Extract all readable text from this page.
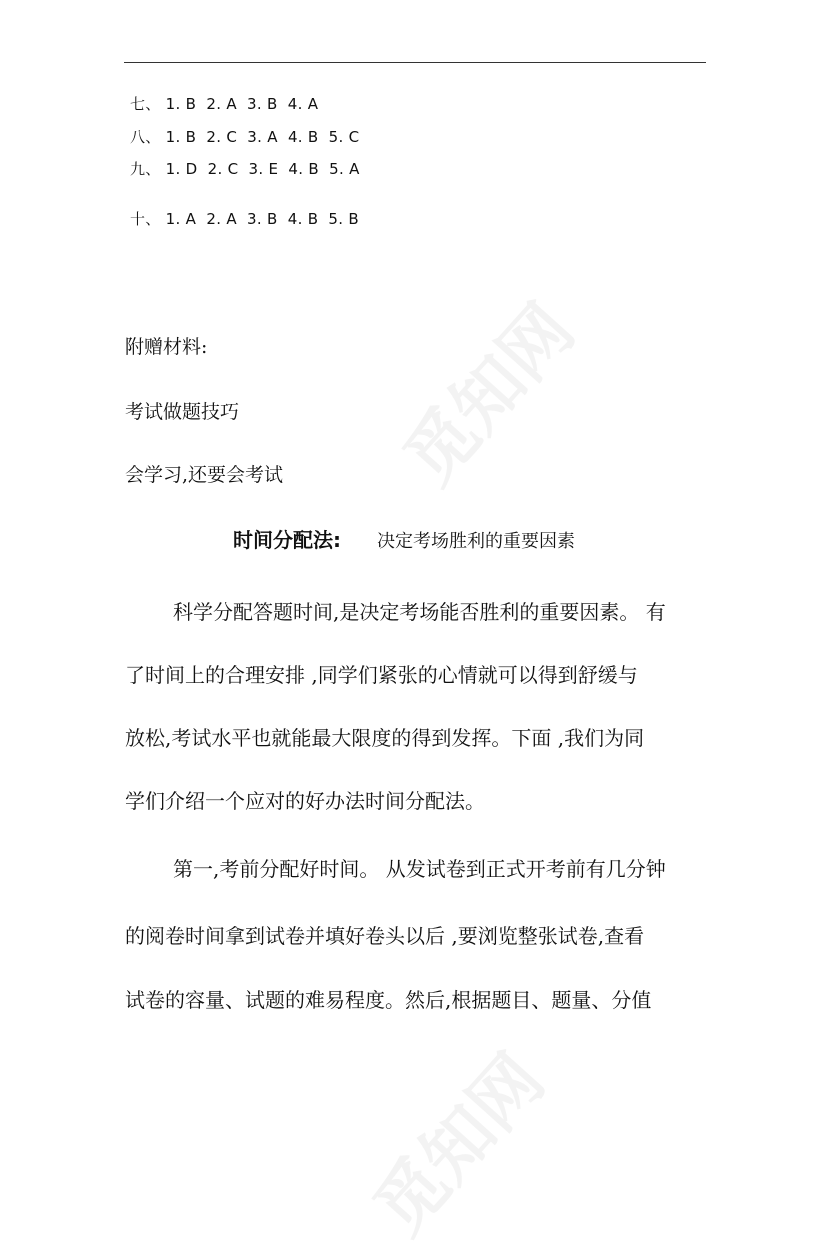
觅知网
觅知网
七、 1. B  2. A  3. B  4. A
八、 1. B  2. C  3. A  4. B  5. C
九、 1. D  2. C  3. E  4. B  5. A
十、 1. A  2. A  3. B  4. B  5. B
附赠材料:
考试做题技巧
会学习,还要会考试
时间分配法: 决定考场胜利的重要因素
科学分配答题时间,是决定考场能否胜利的重要因素。 有
了时间上的合理安排 ,同学们紧张的心情就可以得到舒缓与
放松,考试水平也就能最大限度的得到发挥。下面 ,我们为同
学们介绍一个应对的好办法时间分配法。
第一,考前分配好时间。 从发试卷到正式开考前有几分钟
的阅卷时间拿到试卷并填好卷头以后 ,要浏览整张试卷,查看
试卷的容量、试题的难易程度。然后,根据题目、题量、分值
